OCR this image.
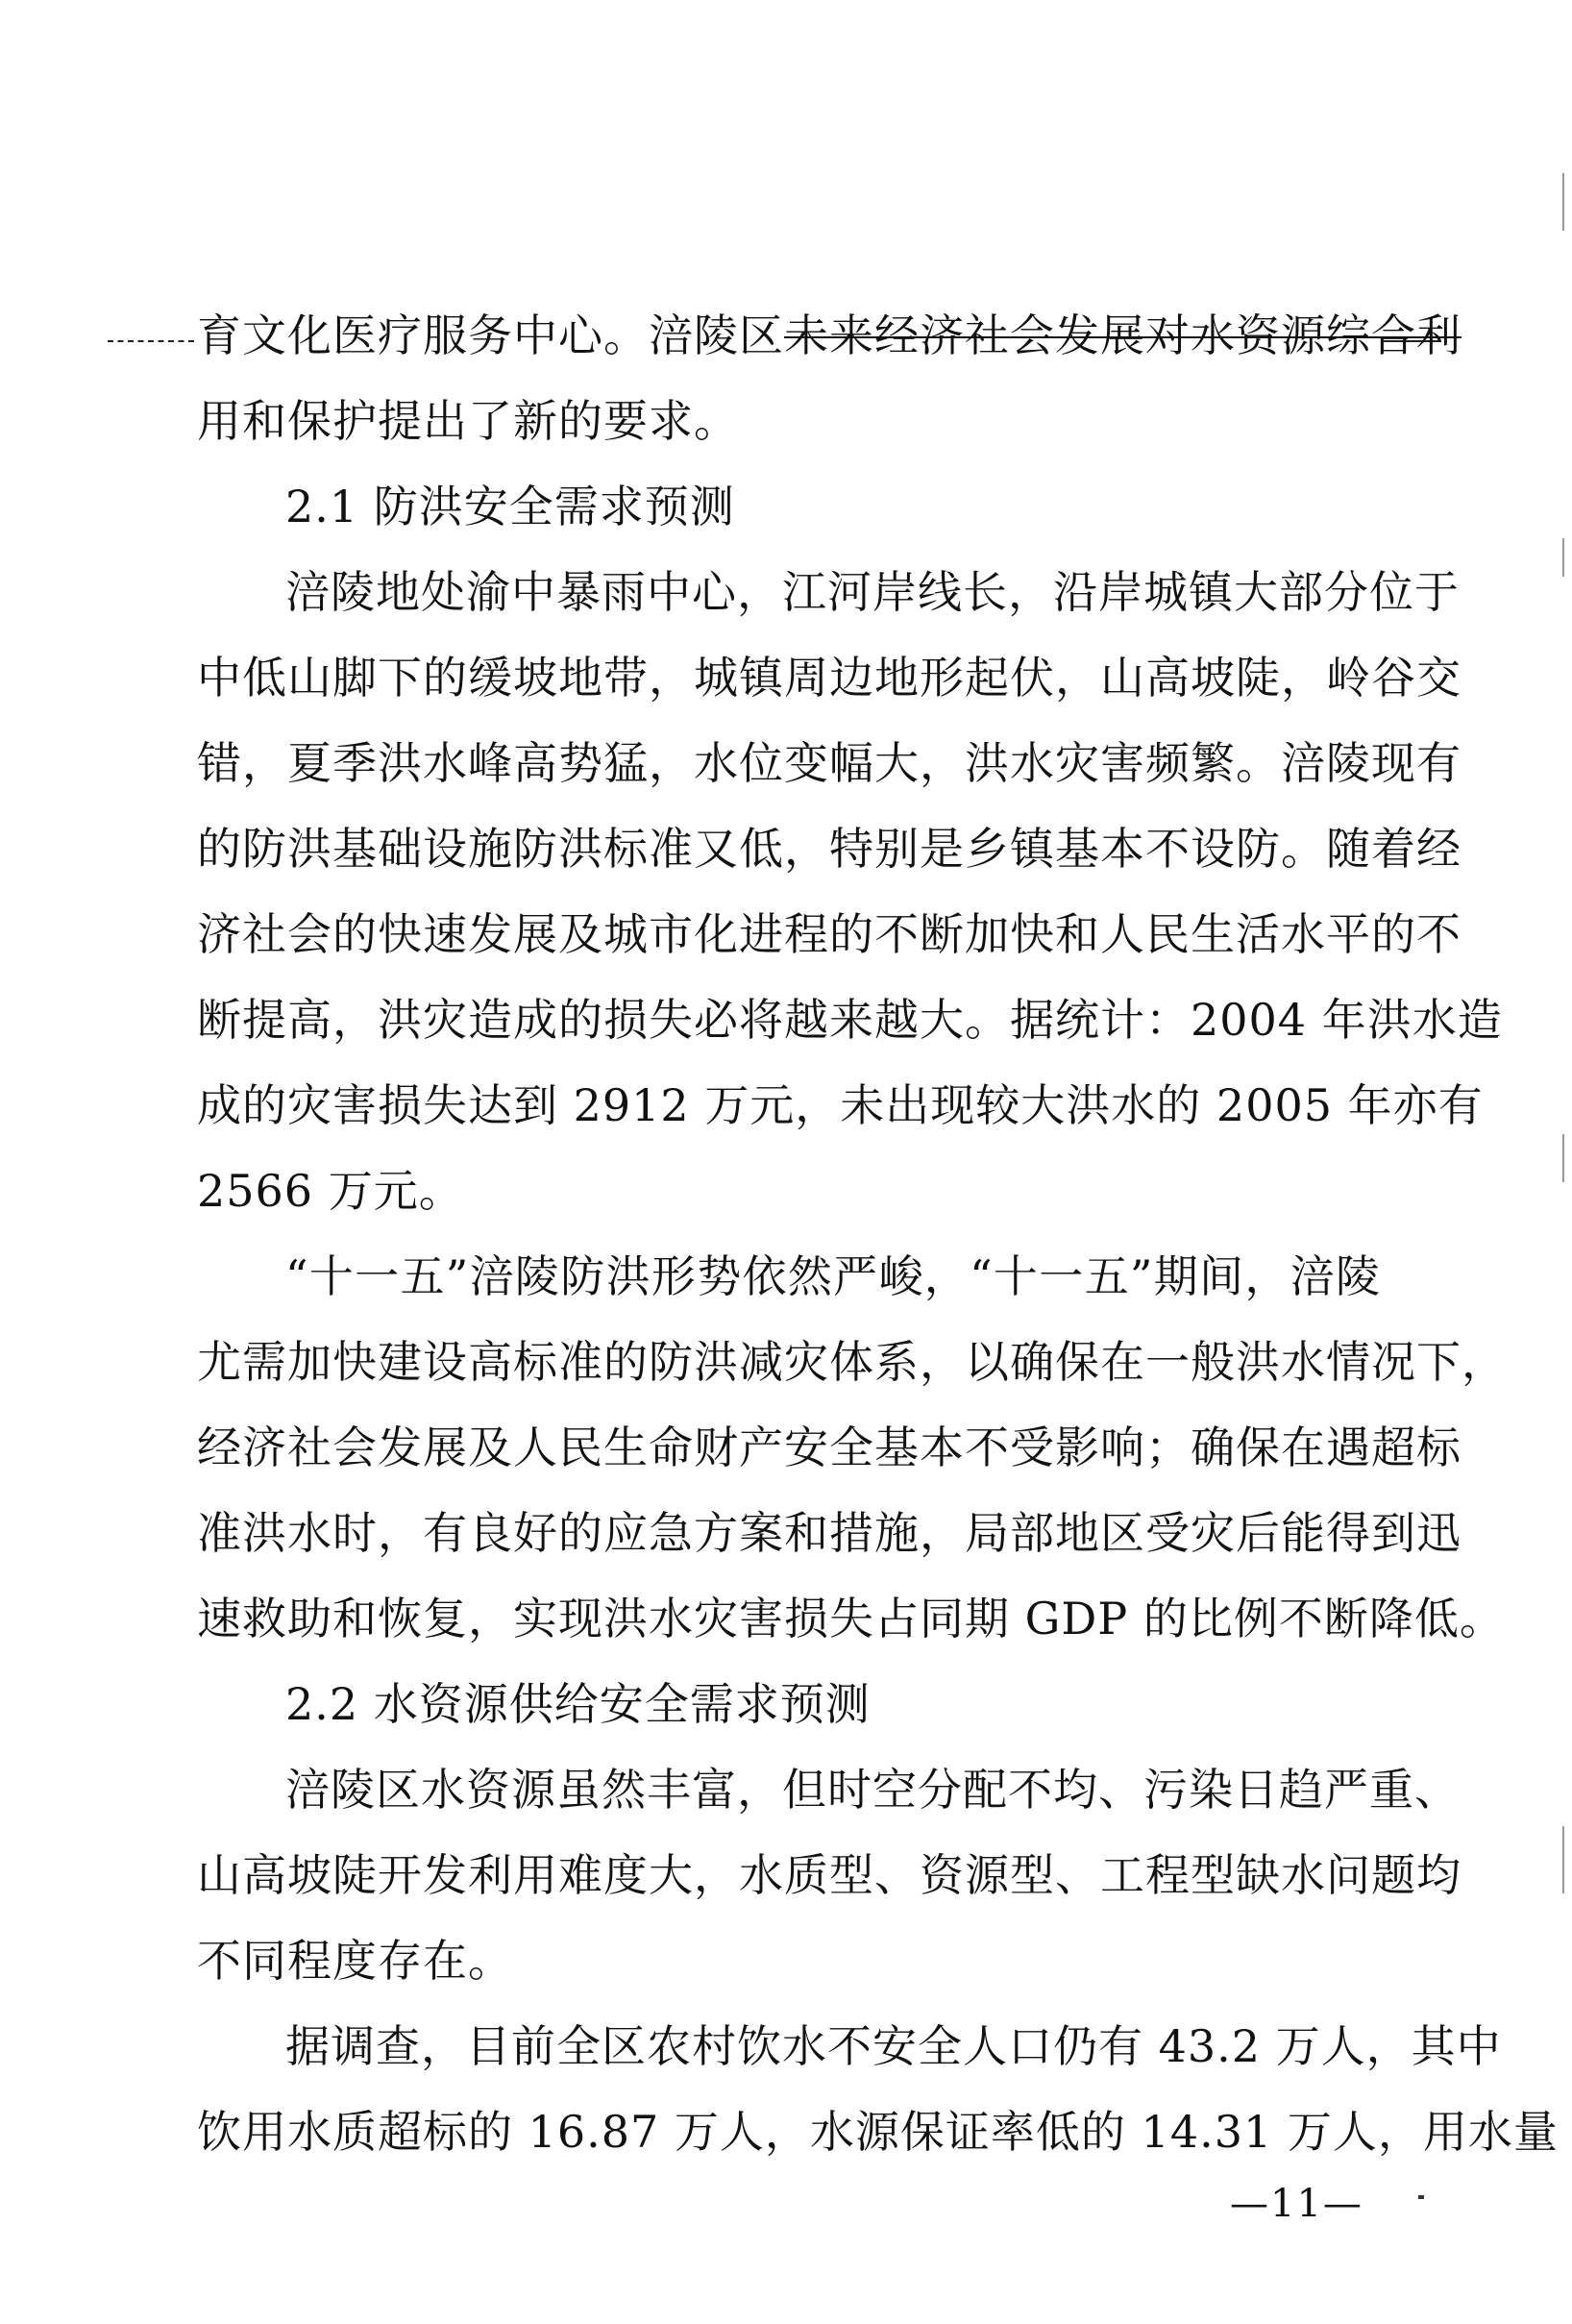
育文化医疗服务中心。涪陵区未来经济社会发展对水资源综合利
用和保护提出了新的要求。
2.1 防洪安全需求预测
涪陵地处渝中暴雨中心，江河岸线长，沿岸城镇大部分位于
中低山脚下的缓坡地带，城镇周边地形起伏，山高坡陡，岭谷交
错，夏季洪水峰高势猛，水位变幅大，洪水灾害频繁。涪陵现有
的防洪基础设施防洪标准又低，特别是乡镇基本不设防。随着经
济社会的快速发展及城市化进程的不断加快和人民生活水平的不
断提高，洪灾造成的损失必将越来越大。据统计：2004 年洪水造
成的灾害损失达到 2912 万元，未出现较大洪水的 2005 年亦有
2566 万元。
“十一五”涪陵防洪形势依然严峻，“十一五”期间，涪陵
尤需加快建设高标准的防洪减灾体系，以确保在一般洪水情况下，
经济社会发展及人民生命财产安全基本不受影响；确保在遇超标
准洪水时，有良好的应急方案和措施，局部地区受灾后能得到迅
速救助和恢复，实现洪水灾害损失占同期 GDP 的比例不断降低。
2.2 水资源供给安全需求预测
涪陵区水资源虽然丰富，但时空分配不均、污染日趋严重、
山高坡陡开发利用难度大，水质型、资源型、工程型缺水问题均
不同程度存在。
据调查，目前全区农村饮水不安全人口仍有 43.2 万人，其中
饮用水质超标的 16.87 万人，水源保证率低的 14.31 万人，用水量
—11—
